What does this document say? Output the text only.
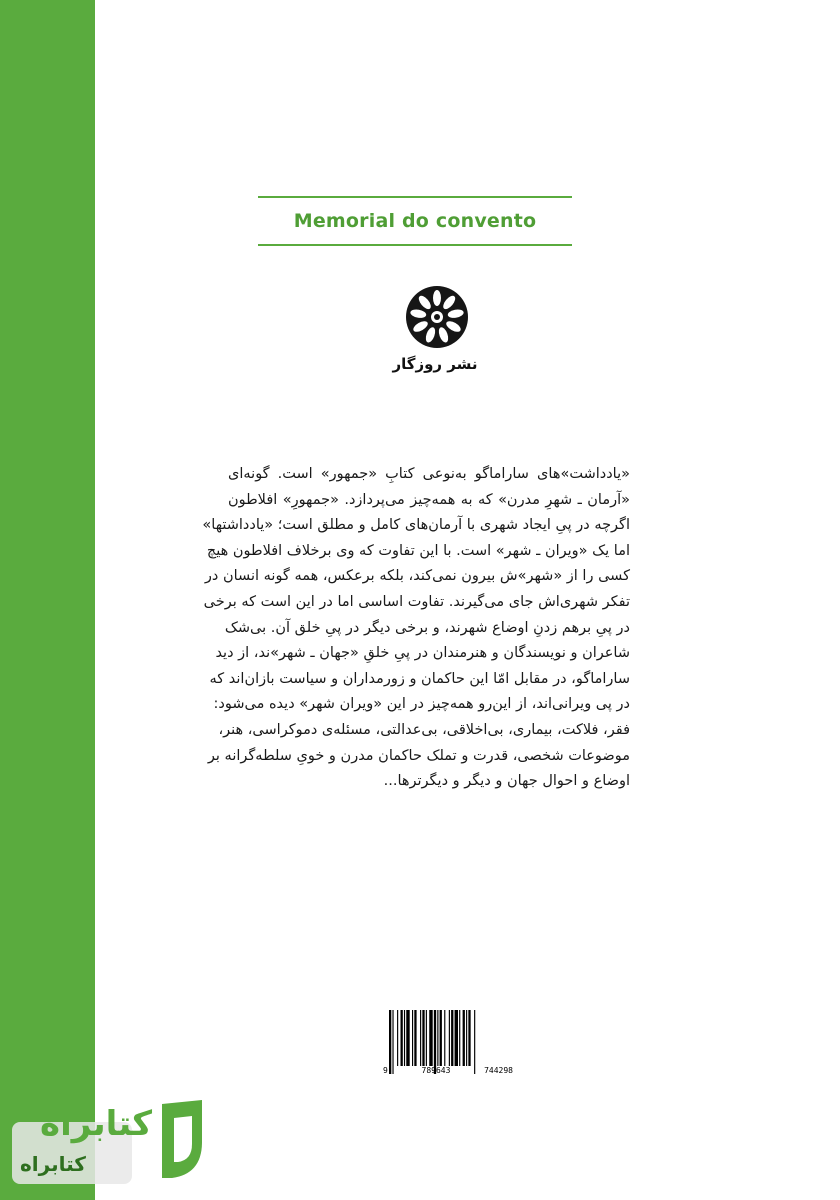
Memorial do convento
نشر روزگار
«یادداشت»های ساراماگو به‌نوعی کتابِ «جمهور» است. گونه‌ای
«آرمان ـ شهرِ مدرن» که به همه‌چیز می‌پردازد. «جمهورِ» افلاطون
اگرچه در پیِ ایجاد شهری با آرمان‌های کامل و مطلق است؛ «یادداشتها»
اما یک «ویران ـ شهر» است. با این تفاوت که وی برخلاف افلاطون هیچ
کسی را از «شهر»ش بیرون نمی‌کند، بلکه برعکس، همه گونه انسان در
تفکر شهری‌اش جای می‌گیرند. تفاوت اساسی اما در این است که برخی
در پیِ برهم زدنِ اوضاع شهرند، و برخی دیگر در پیِ خلق آن. بی‌شک
شاعران و نویسندگان و هنرمندان در پیِ خلقِ «جهان ـ شهر»ند، از دید
ساراماگو، در مقابل امّا این حاکمان و زورمداران و سیاست بازان‌اند که
در پی ویرانی‌اند، از این‌رو همه‌چیز در این «ویران شهر» دیده می‌شود:
فقر، فلاکت، بیماری، بی‌اخلاقی، بی‌عدالتی، مسئله‌ی دموکراسی، هنر،
موضوعات شخصی، قدرت و تملک حاکمان مدرن و خویِ سلطه‌گرانه بر
اوضاع و احوال جهان و دیگر و دیگرترها...
9	789643	744298
کتابراه
کتابراه
